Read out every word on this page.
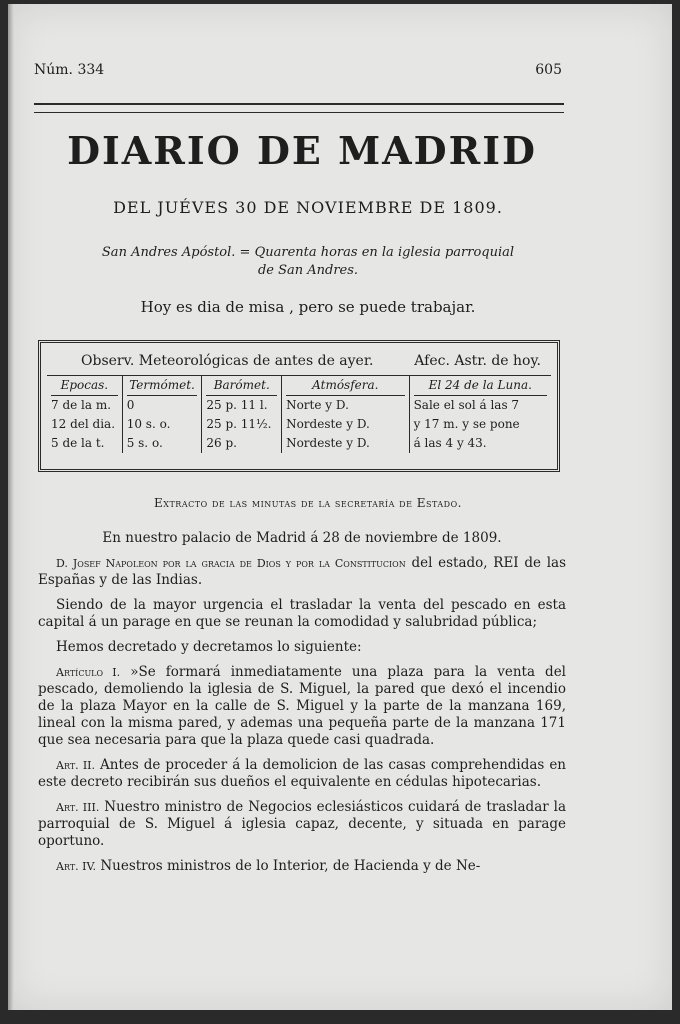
Núm. 334	605
DIARIO DE MADRID
DEL JUÉVES 30 DE NOVIEMBRE DE 1809.
San Andres Apóstol. = Quarenta horas en la iglesia parroquial
de San Andres.
Hoy es dia de misa , pero se puede trabajar.
Observ. Meteorológicas de antes de ayer.	Afec. Astr. de hoy.
Epocas.
7 de la m.
12 del dia.
5 de la t.
Termómet.
0
10 s. o.
5 s. o.
Barómet.
25 p. 11 l.
25 p. 11½.
26 p.
Atmósfera.
Norte y D.
Nordeste y D.
Nordeste y D.
El 24 de la Luna.
Sale el sol á las 7
y 17 m. y se pone
á las 4 y 43.
Extracto de las minutas de la secretaría de Estado.

En nuestro palacio de Madrid á 28 de noviembre de 1809.

D. Josef Napoleon por la gracia de Dios y por la Constitucion del estado, REI de las Españas y de las Indias.

Siendo de la mayor urgencia el trasladar la venta del pescado en esta capital á un parage en que se reunan la comodidad y salubridad pública;

Hemos decretado y decretamos lo siguiente:

Artículo I. »Se formará inmediatamente una plaza para la venta del pescado, demoliendo la iglesia de S. Miguel, la pared que dexó el incendio de la plaza Mayor en la calle de S. Miguel y la parte de la manzana 169, lineal con la misma pared, y ademas una pequeña parte de la manzana 171 que sea necesaria para que la plaza quede casi quadrada.

Art. II. Antes de proceder á la demolicion de las casas comprehendidas en este decreto recibirán sus dueños el equivalente en cédulas hipotecarias.

Art. III. Nuestro ministro de Negocios eclesiásticos cuidará de trasladar la parroquial de S. Miguel á iglesia capaz, decente, y situada en parage oportuno.

Art. IV. Nuestros ministros de lo Interior, de Hacienda y de Ne-
